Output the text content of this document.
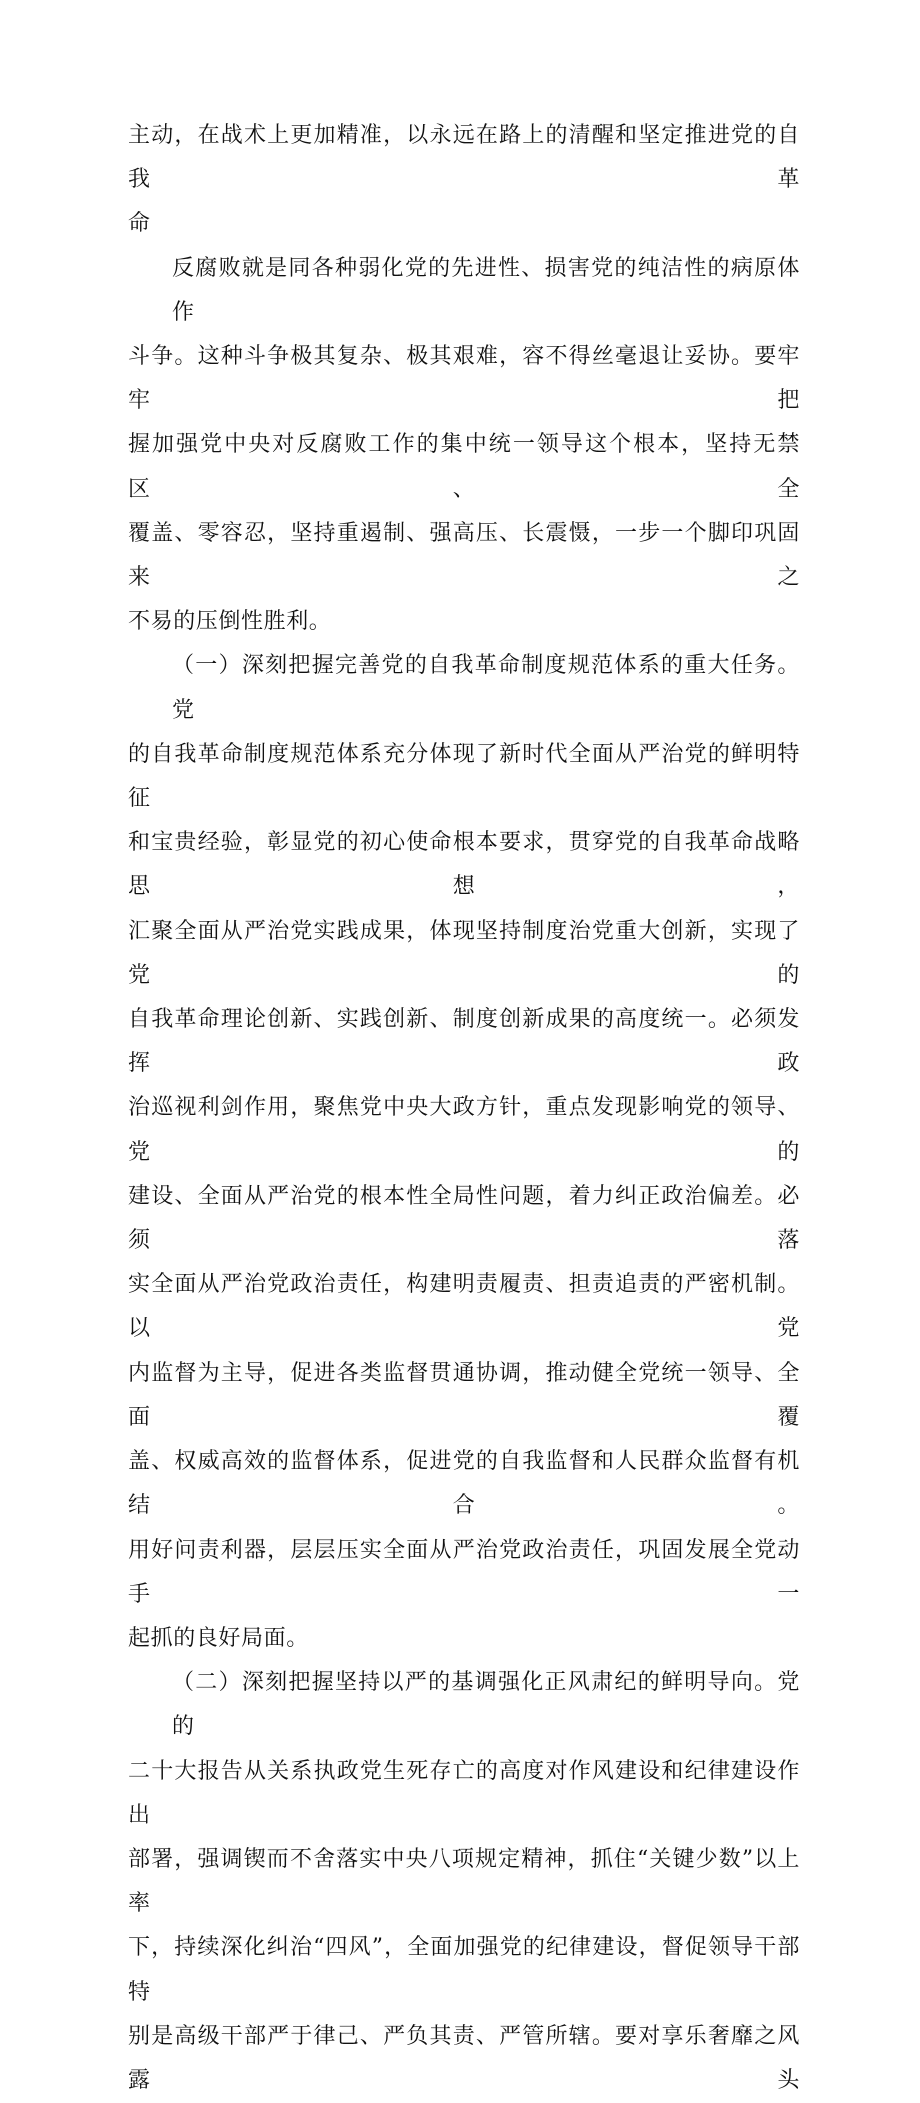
主动，在战术上更加精准，以永远在路上的清醒和坚定推进党的自我革
命

反腐败就是同各种弱化党的先进性、损害党的纯洁性的病原体作
斗争。这种斗争极其复杂、极其艰难，容不得丝毫退让妥协。要牢牢把
握加强党中央对反腐败工作的集中统一领导这个根本，坚持无禁区、全
覆盖、零容忍，坚持重遏制、强高压、长震慑，一步一个脚印巩固来之
不易的压倒性胜利。

（一）深刻把握完善党的自我革命制度规范体系的重大任务。党
的自我革命制度规范体系充分体现了新时代全面从严治党的鲜明特征
和宝贵经验，彰显党的初心使命根本要求，贯穿党的自我革命战略思想，
汇聚全面从严治党实践成果，体现坚持制度治党重大创新，实现了党的
自我革命理论创新、实践创新、制度创新成果的高度统一。必须发挥政
治巡视利剑作用，聚焦党中央大政方针，重点发现影响党的领导、党的
建设、全面从严治党的根本性全局性问题，着力纠正政治偏差。必须落
实全面从严治党政治责任，构建明责履责、担责追责的严密机制。以党
内监督为主导，促进各类监督贯通协调，推动健全党统一领导、全面覆
盖、权威高效的监督体系，促进党的自我监督和人民群众监督有机结合。
用好问责利器，层层压实全面从严治党政治责任，巩固发展全党动手一
起抓的良好局面。

（二）深刻把握坚持以严的基调强化正风肃纪的鲜明导向。党的
二十大报告从关系执政党生死存亡的高度对作风建设和纪律建设作出
部署，强调锲而不舍落实中央八项规定精神，抓住“关键少数”以上率
下，持续深化纠治“四风”，全面加强党的纪律建设，督促领导干部特
别是高级干部严于律己、严负其责、严管所辖。要对享乐奢靡之风露头
